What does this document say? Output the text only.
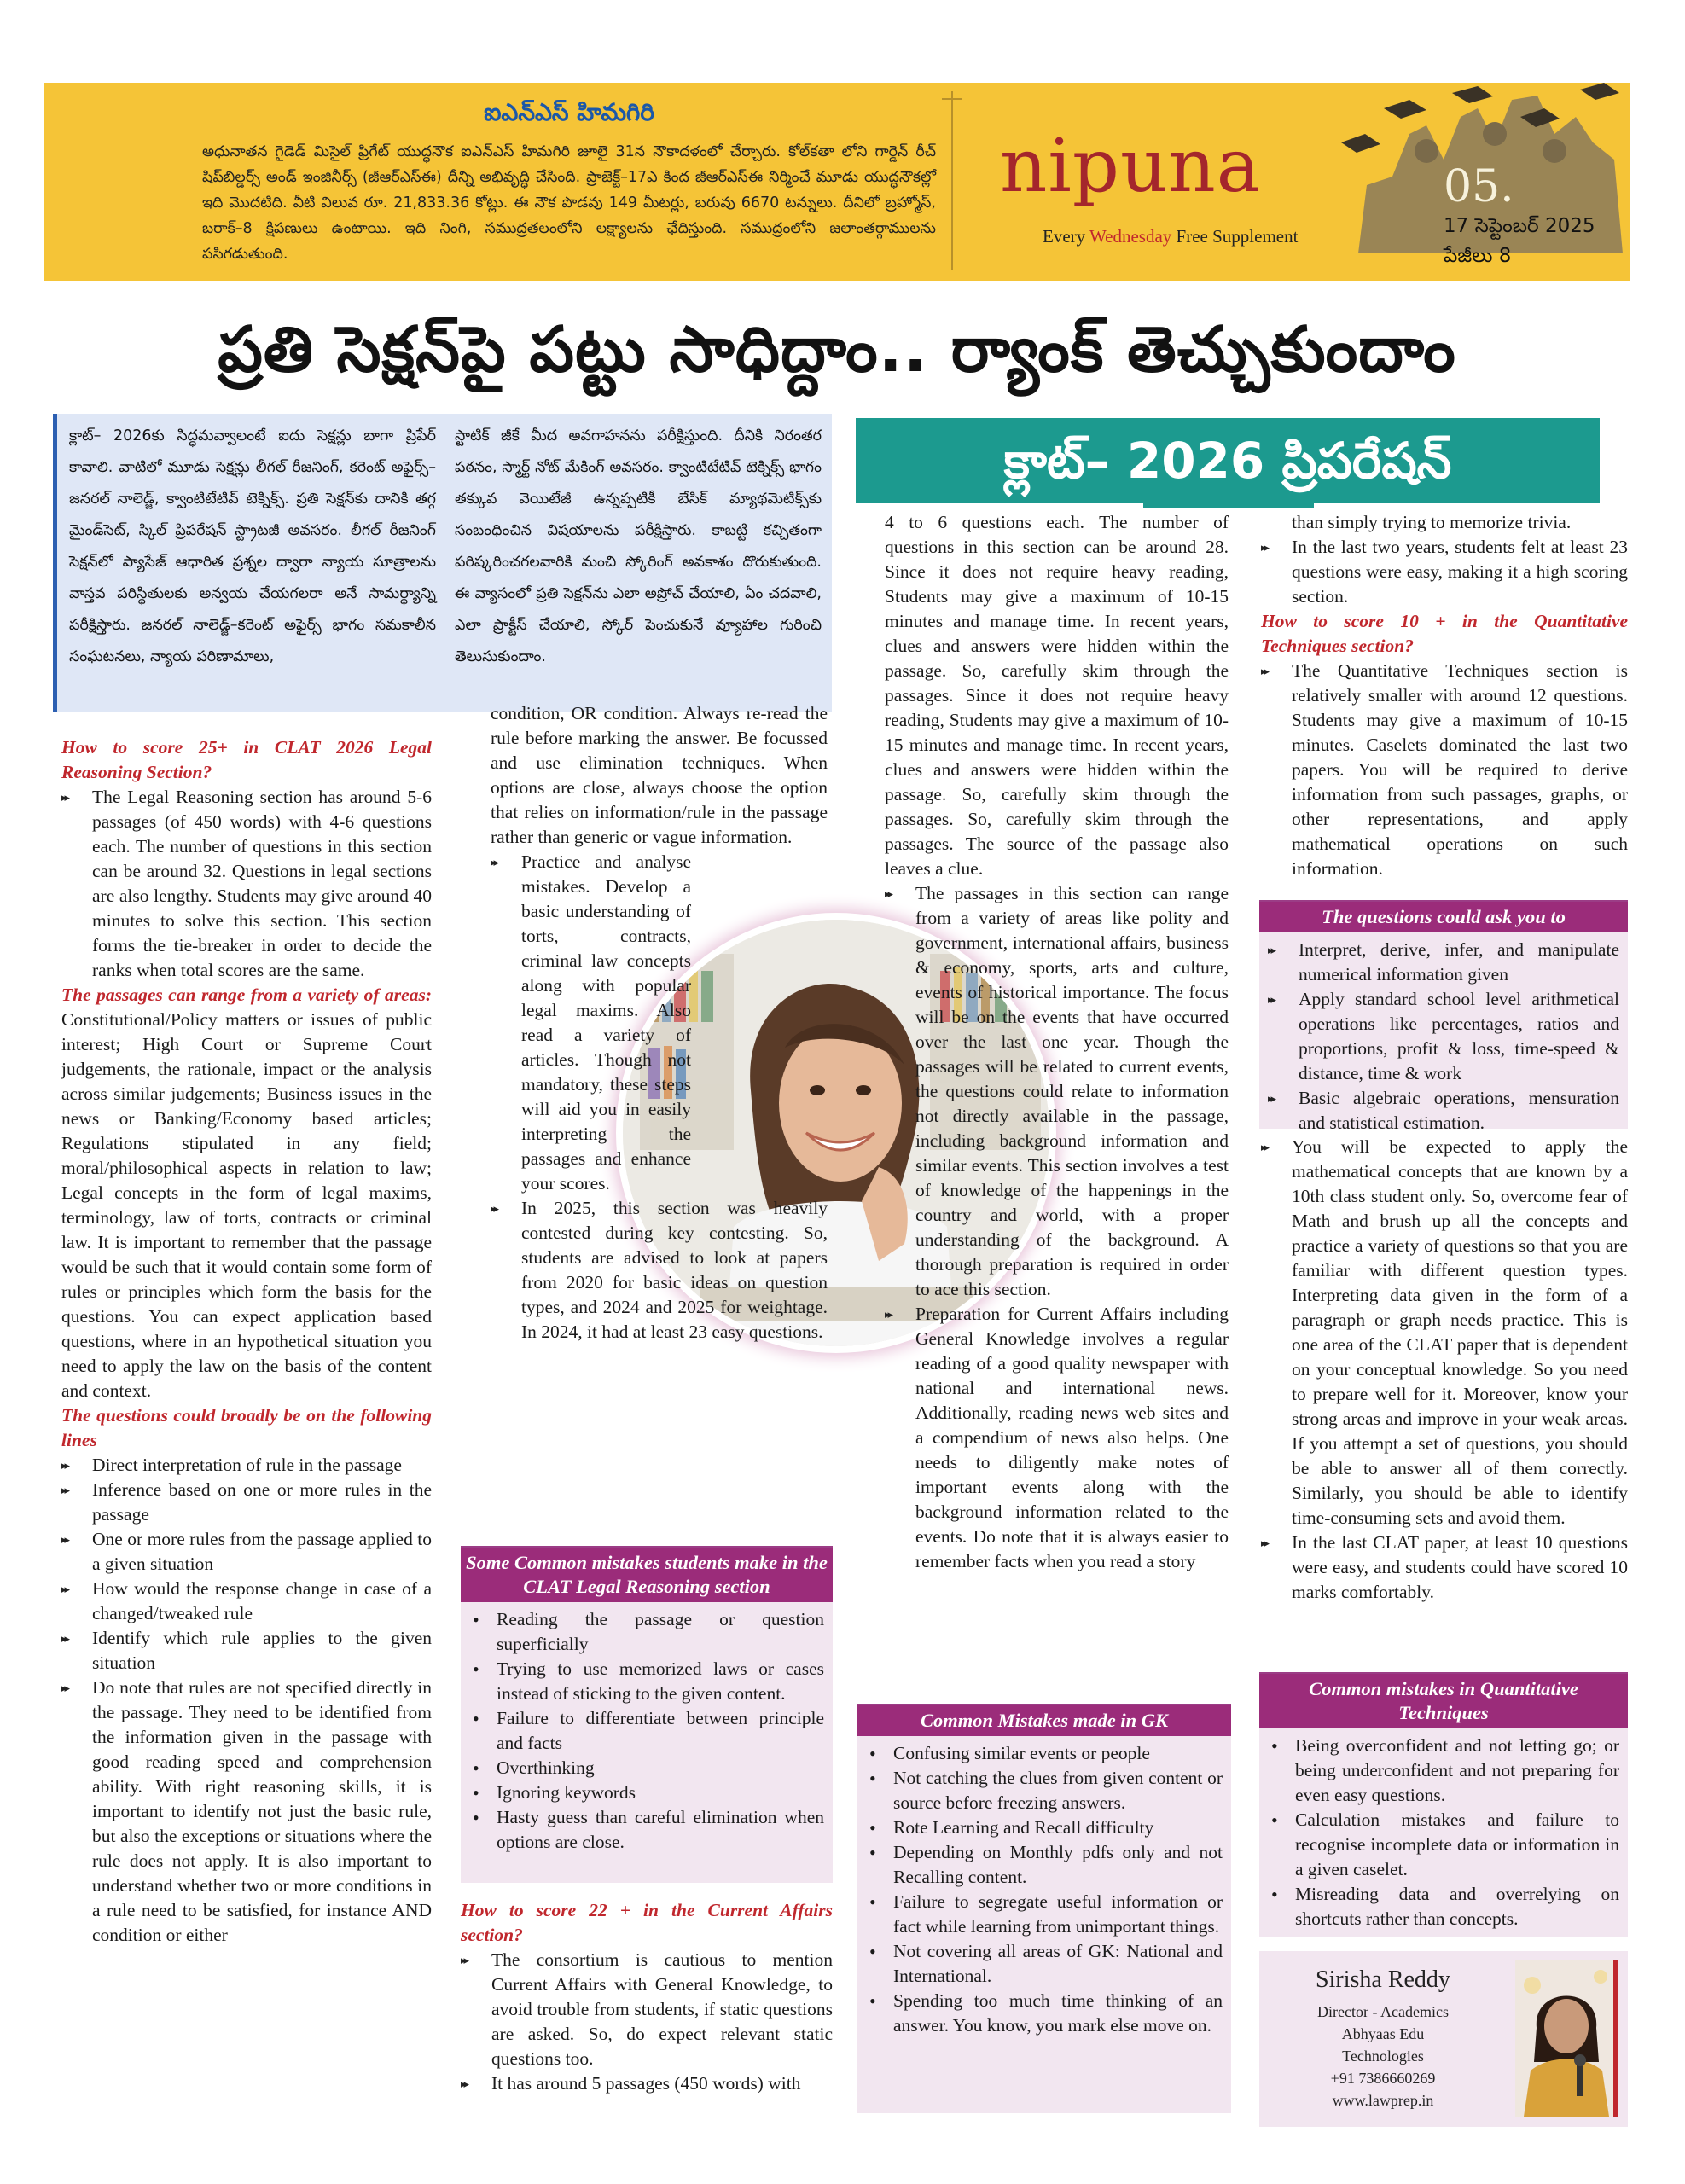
ఐఎన్ఎస్ హిమగిరి
అధునాతన గైడెడ్ మిసైల్ ఫ్రిగేట్ యుద్ధనౌక ఐఎన్ఎస్ హిమగిరి జూలై 31న నౌకాదళంలో చేర్చారు. కోల్‌కతా లోని గార్డెన్ రీచ్ షిప్‌బిల్డర్స్ అండ్ ఇంజినీర్స్ (జీఆర్ఎస్ఈ) దీన్ని అభివృద్ధి చేసింది. ప్రాజెక్ట్–17ఎ కింద జీఆర్ఎస్ఈ నిర్మించే మూడు యుద్ధనౌకల్లో ఇది మొదటిది. వీటి విలువ రూ. 21,833.36 కోట్లు. ఈ నౌక పొడవు 149 మీటర్లు, బరువు 6670 టన్నులు. దీనిలో బ్రహ్మోస్, బరాక్–8 క్షిపణులు ఉంటాయి. ఇది నింగి, సముద్రతలంలోని లక్ష్యాలను ఛేదిస్తుంది. సముద్రంలోని జలాంతర్గాములను పసిగడుతుంది.
nipuna
Every Wednesday Free Supplement
05.
17 సెప్టెంబర్ 2025
పేజీలు 8
ప్రతి సెక్షన్‌పై పట్టు సాధిద్దాం.. ర్యాంక్ తెచ్చుకుందాం
క్లాట్– 2026కు సిద్ధమవ్వాలంటే ఐదు సెక్షన్లు బాగా ప్రిపేర్ కావాలి. వాటిలో మూడు సెక్షన్లు లీగల్ రీజనింగ్, కరెంట్ అఫైర్స్–జనరల్ నాలెడ్జ్, క్వాంటిటేటివ్ టెక్నిక్స్. ప్రతి సెక్షన్‌కు దానికి తగ్గ మైండ్‌సెట్, స్కిల్ ప్రిపరేషన్ స్ట్రాటజీ అవసరం. లీగల్ రీజనింగ్ సెక్షన్‌లో ప్యాసేజ్ ఆధారిత ప్రశ్నల ద్వారా న్యాయ సూత్రాలను వాస్తవ పరిస్థితులకు అన్వయ చేయగలరా అనే సామర్థ్యాన్ని పరీక్షిస్తారు. జనరల్ నాలెడ్జ్–కరెంట్ అఫైర్స్ భాగం సమకాలీన సంఘటనలు, న్యాయ పరిణామాలు,
స్టాటిక్ జీకే మీద అవగాహనను పరీక్షిస్తుంది. దీనికి నిరంతర పఠనం, స్మార్ట్ నోట్ మేకింగ్ అవసరం. క్వాంటిటేటివ్ టెక్నిక్స్ భాగం తక్కువ వెయిటేజీ ఉన్నప్పటికీ బేసిక్ మ్యాథమెటిక్స్‌కు సంబంధించిన విషయాలను పరీక్షిస్తారు. కాబట్టి కచ్చితంగా పరిష్కరించగలవారికి మంచి స్కోరింగ్ అవకాశం దొరుకుతుంది. ఈ వ్యాసంలో ప్రతి సెక్షన్‌ను ఎలా అప్రోచ్ చేయాలి, ఏం చదవాలి, ఎలా ప్రాక్టీస్ చేయాలి, స్కోర్ పెంచుకునే వ్యూహాల గురించి తెలుసుకుందాం.
క్లాట్– 2026 ప్రిపరేషన్

How to score 25+ in CLAT 2026 Legal Reasoning Section?

▸▸ The Legal Reasoning section has around 5-6 passages (of 450 words) with 4-6 questions each. The number of questions in this section can be around 32. Questions in legal sections are also lengthy. Students may give around 40 minutes to solve this section. This section forms the tie-breaker in order to decide the ranks when total scores are the same.

The passages can range from a variety of areas: Constitutional/Policy matters or issues of public interest; High Court or Supreme Court judgements, the rationale, impact or the analysis across similar judgements; Business issues in the news or Banking/Economy based articles; Regulations stipulated in any field; moral/philosophical aspects in relation to law; Legal concepts in the form of legal maxims, terminology, law of torts, contracts or criminal law. It is important to remember that the passage would be such that it would contain some form of rules or principles which form the basis for the questions. You can expect application based questions, where in an hypothetical situation you need to apply the law on the basis of the content and context.

The questions could broadly be on the following lines

▸▸ Direct interpretation of rule in the passage
▸▸ Inference based on one or more rules in the passage
▸▸ One or more rules from the passage applied to a given situation
▸▸ How would the response change in case of a changed/tweaked rule
▸▸ Identify which rule applies to the given situation
▸▸ Do note that rules are not specified directly in the passage. They need to be identified from the information given in the passage with good reading speed and comprehension ability. With right reasoning skills, it is important to identify not just the basic rule, but also the exceptions or situations where the rule does not apply. It is also important to understand whether two or more conditions in a rule need to be satisfied, for instance AND condition or either

condition, OR condition. Always re-read the rule before marking the answer. Be focussed and use elimination techniques. When options are close, always choose the option that relies on information/rule in the passage rather than generic or vague information.

▸▸ Practice and analyse mistakes. Develop a basic understanding of torts, contracts, criminal law concepts along with popular legal maxims. Also read a variety of articles. Though not mandatory, these steps will aid you in easily interpreting the passages and enhance your scores.
▸▸ In 2025, this section was heavily contested during key contesting. So, students are advised to look at papers from 2020 for basic ideas on question types, and 2024 and 2025 for weightage. In 2024, it had at least 23 easy questions.
Some Common mistakes students make in the CLAT Legal Reasoning section
• Reading the passage or question superficially
• Trying to use memorized laws or cases instead of sticking to the given content.
• Failure to differentiate between principle and facts
• Overthinking
• Ignoring keywords
• Hasty guess than careful elimination when options are close.

How to score 22 + in the Current Affairs section?

▸▸ The consortium is cautious to mention Current Affairs with General Knowledge, to avoid trouble from students, if static questions are asked. So, do expect relevant static questions too.
▸▸ It has around 5 passages (450 words) with

4 to 6 questions each. The number of questions in this section can be around 28. Since it does not require heavy reading, Students may give a maximum of 10-15 minutes and manage time. In recent years, clues and answers were hidden within the passage. So, carefully skim through the passages. Since it does not require heavy reading, Students may give a maximum of 10-15 minutes and manage time. In recent years, clues and answers were hidden within the passage. So, carefully skim through the passages. So, carefully skim through the passages. The source of the passage also leaves a clue.

▸▸ The passages in this section can range from a variety of areas like polity and government, international affairs, business & economy, sports, arts and culture, events of historical importance. The focus will be on the events that have occurred over the last one year. Though the passages will be related to current events, the questions could relate to information not directly available in the passage, including background information and similar events. This section involves a test of knowledge of the happenings in the country and world, with a proper understanding of the background. A thorough preparation is required in order to ace this section.
▸▸ Preparation for Current Affairs including General Knowledge involves a regular reading of a good quality newspaper with national and international news. Additionally, reading news web sites and a compendium of news also helps. One needs to diligently make notes of important events along with the background information related to the events. Do note that it is always easier to remember facts when you read a story
Common Mistakes made in GK
• Confusing similar events or people
• Not catching the clues from given content or source before freezing answers.
• Rote Learning and Recall difficulty
• Depending on Monthly pdfs only and not Recalling content.
• Failure to segregate useful information or fact while learning from unimportant things.
• Not covering all areas of GK: National and International.
• Spending too much time thinking of an answer. You know, you mark else move on.

than simply trying to memorize trivia.

▸▸ In the last two years, students felt at least 23 questions were easy, making it a high scoring section.

How to score 10 + in the Quantitative Techniques section?

▸▸ The Quantitative Techniques section is relatively smaller with around 12 questions. Students may give a maximum of 10-15 minutes. Caselets dominated the last two papers. You will be required to derive information from such passages, graphs, or other representations, and apply mathematical operations on such information.
The questions could ask you to
▸▸ Interpret, derive, infer, and manipulate numerical information given
▸▸ Apply standard school level arithmetical operations like percentages, ratios and proportions, profit & loss, time-speed & distance, time & work
▸▸ Basic algebraic operations, mensuration and statistical estimation.
▸▸ You will be expected to apply the mathematical concepts that are known by a 10th class student only. So, overcome fear of Math and brush up all the concepts and practice a variety of questions so that you are familiar with different question types. Interpreting data given in the form of a paragraph or graph needs practice. This is one area of the CLAT paper that is dependent on your conceptual knowledge. So you need to prepare well for it. Moreover, know your strong areas and improve in your weak areas. If you attempt a set of questions, you should be able to answer all of them correctly. Similarly, you should be able to identify time-consuming sets and avoid them.
▸▸ In the last CLAT paper, at least 10 questions were easy, and students could have scored 10 marks comfortably.
Common mistakes in Quantitative Techniques
• Being overconfident and not letting go; or being underconfident and not preparing for even easy questions.
• Calculation mistakes and failure to recognise incomplete data or information in a given caselet.
• Misreading data and overrelying on shortcuts rather than concepts.
Sirisha Reddy
Director - Academics
Abhyaas Edu
Technologies
+91 7386660269
www.lawprep.in
